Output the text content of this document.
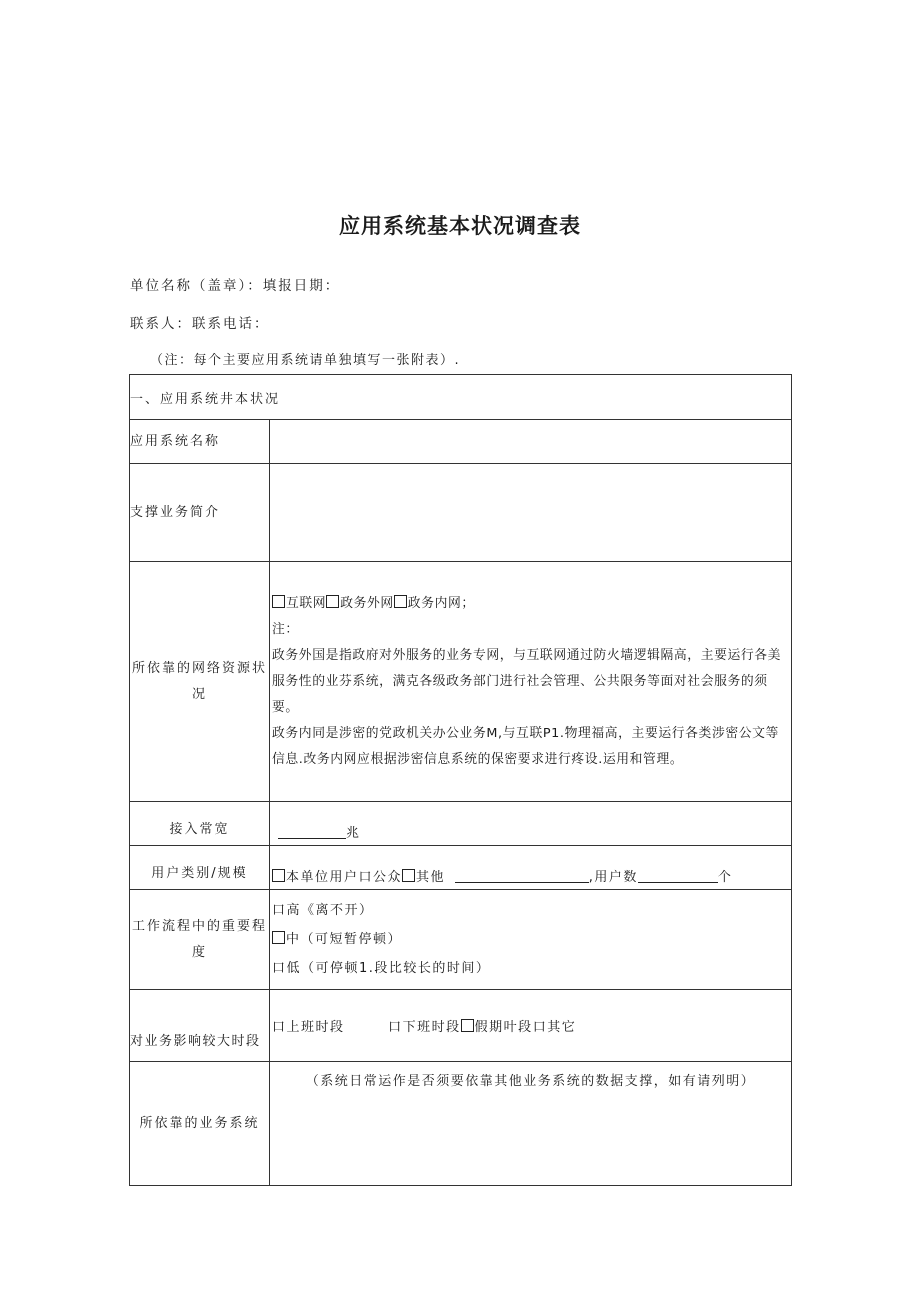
应用系统基本状况调查表
单位名称（盖章）：填报日期：
联系人：联系电话：
（注：每个主要应用系统请单独填写一张附表）.
一、应用系统井本状况	
应用系统名称	
支撑业务简介	
所依靠的网络资源状况	互联网 政务外网 政务内网；
注：
政务外国是指政府对外服务的业务专网，与互联网通过防火墙逻辑隔高，主要运行各美服务性的业芬系统，满克各级政务部门进行社会管理、公共限务等面对社会服务的须要。
政务内同是涉密的党政机关办公业务M,与互联P1.物理福高，主要运行各类涉密公文等信息.改务内网应根据涉密信息系统的保密要求进行疼设.运用和管理。

接入常宽	兆
用户类别/规模	本单位用户口公众 其他 ,用户数 个
工作流程中的重要程度	口高《离不开）
中（可短暂停顿）
口低（可停顿1.段比较长的时间）

对业务影响较大时段	口上班时段 口下班时段 假期叶段口其它
所依靠的业务系统	（系统日常运作是否须要依靠其他业务系统的数据支撑，如有请列明）
